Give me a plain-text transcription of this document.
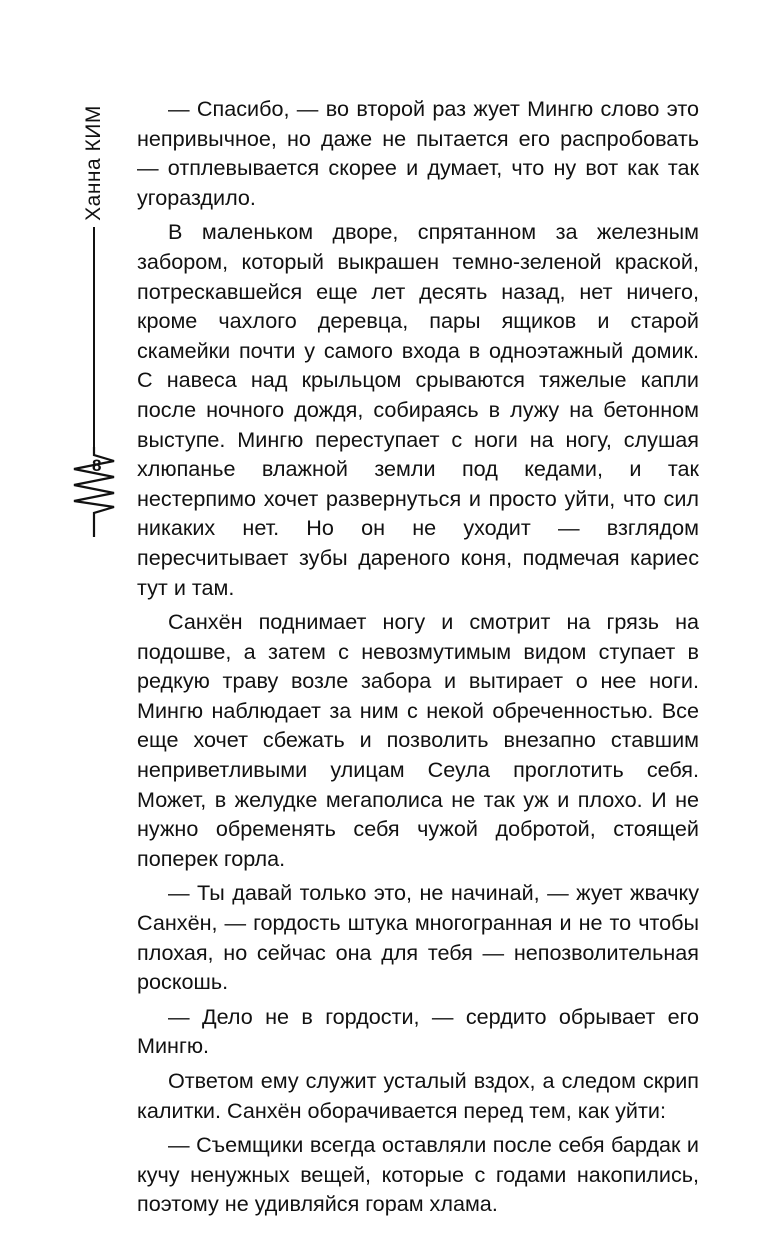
Ханна КИМ
8

— Спасибо, — во второй раз жует Мингю слово это непривычное, но даже не пытается его распробовать — отплевывается скорее и думает, что ну вот как так угораздило.

В маленьком дворе, спрятанном за железным забором, который выкрашен темно-зеленой краской, потрескавшейся еще лет десять назад, нет ничего, кроме чахлого деревца, пары ящиков и старой скамейки почти у самого входа в одноэтажный домик. С навеса над крыльцом срываются тяжелые капли после ночного дождя, собираясь в лужу на бетонном выступе. Мингю переступает с ноги на ногу, слушая хлюпанье влажной земли под кедами, и так нестерпимо хочет развернуться и просто уйти, что сил никаких нет. Но он не уходит — взглядом пересчитывает зубы дареного коня, подмечая кариес тут и там.

Санхён поднимает ногу и смотрит на грязь на подошве, а затем с невозмутимым видом ступает в редкую траву возле забора и вытирает о нее ноги. Мингю наблюдает за ним с некой обреченностью. Все еще хочет сбежать и позволить внезапно ставшим неприветливыми улицам Сеула проглотить себя. Может, в желудке мегаполиса не так уж и плохо. И не нужно обременять себя чужой добротой, стоящей поперек горла.

— Ты давай только это, не начинай, — жует жвачку Санхён, — гордость штука многогранная и не то чтобы плохая, но сейчас она для тебя — непозволительная роскошь.

— Дело не в гордости, — сердито обрывает его Мингю.

Ответом ему служит усталый вздох, а следом скрип калитки. Санхён оборачивается перед тем, как уйти:

— Съемщики всегда оставляли после себя бардак и кучу ненужных вещей, которые с годами накопились, поэтому не удивляйся горам хлама.
